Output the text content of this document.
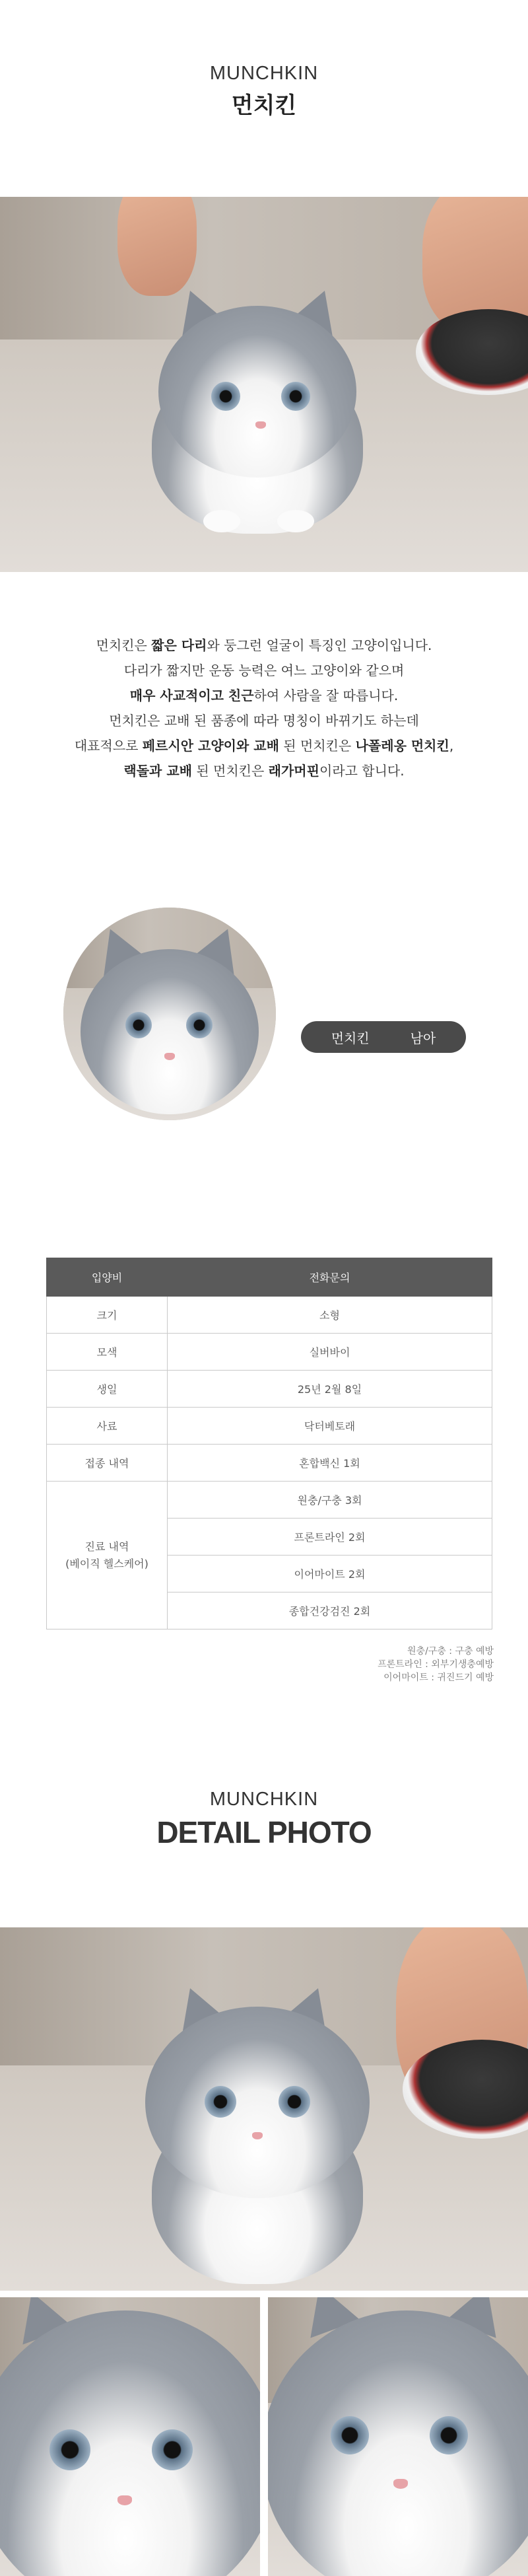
MUNCHKIN
먼치킨
먼치킨은 짧은 다리와 둥그런 얼굴이 특징인 고양이입니다.
다리가 짧지만 운동 능력은 여느 고양이와 같으며
매우 사교적이고 친근하여 사람을 잘 따릅니다.
먼치킨은 교배 된 품종에 따라 명칭이 바뀌기도 하는데
대표적으로 페르시안 고양이와 교배 된 먼치킨은 나폴레옹 먼치킨,
랙돌과 교배 된 먼치킨은 래가머핀이라고 합니다.
먼치킨	남아
입양비	전화문의
크기	소형
모색	실버바이
생일	25년 2월 8일
사료	닥터베토래
접종 내역	혼합백신 1회
진료 내역
(베이직 헬스케어)	원충/구충 3회
	프론트라인 2회
	이어마이트 2회
	종합건강검진 2회
원충/구충 : 구충 예방
프론트라인 : 외부기생충예방
이어마이트 : 귀진드기 예방
MUNCHKIN
DETAIL PHOTO
